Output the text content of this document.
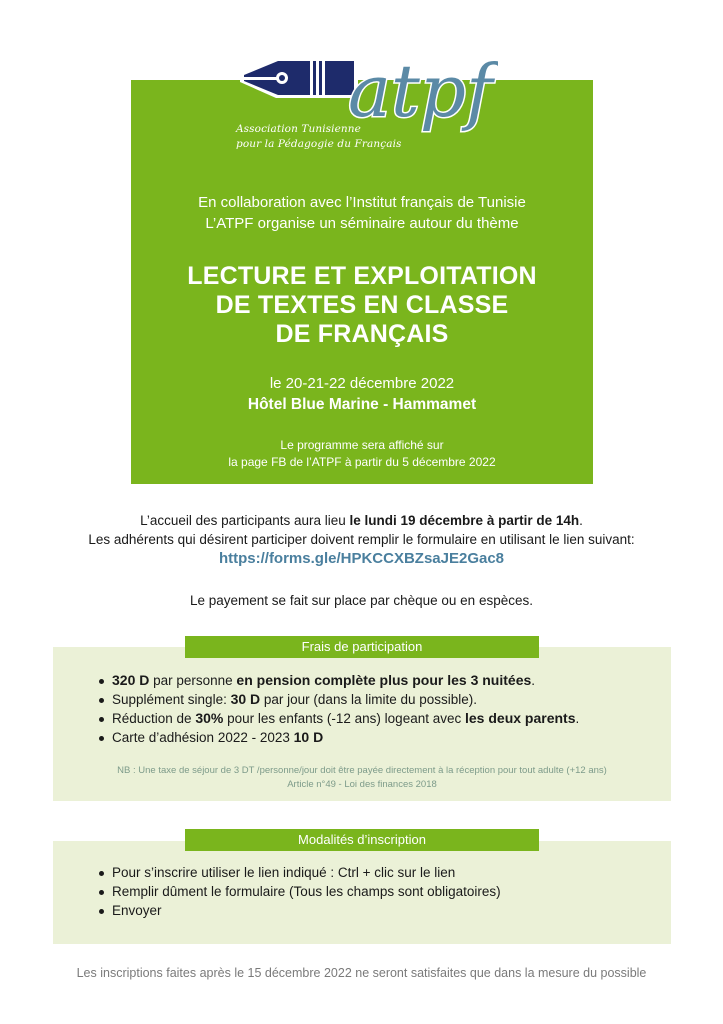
atpf
Association Tunisienne
pour la Pédagogie du Français
En collaboration avec l’Institut français de Tunisie
L’ATPF organise un séminaire autour du thème
LECTURE ET EXPLOITATION
DE TEXTES EN CLASSE
DE FRANÇAIS
le 20-21-22 décembre 2022
Hôtel Blue Marine - Hammamet
Le programme sera affiché sur
la page FB de l’ATPF à partir du 5 décembre 2022
L’accueil des participants aura lieu le lundi 19 décembre à partir de 14h.
Les adhérents qui désirent participer doivent remplir le formulaire en utilisant le lien suivant:
https://forms.gle/HPKCCXBZsaJE2Gac8
Le payement se fait sur place par chèque ou en espèces.
320 D par personne en pension complète plus pour les 3 nuitées.
Supplément single: 30 D par jour (dans la limite du possible).
Réduction de 30% pour les enfants (-12 ans) logeant avec les deux parents.
Carte d’adhésion 2022 - 2023 10 D
NB : Une taxe de séjour de 3 DT /personne/jour doit être payée directement à la réception pour tout adulte (+12 ans)
Article n°49 - Loi des finances 2018
Frais de participation
Pour s’inscrire utiliser le lien indiqué : Ctrl + clic sur le lien
Remplir dûment le formulaire (Tous les champs sont obligatoires)
Envoyer
Modalités d’inscription
Les inscriptions faites après le 15 décembre 2022 ne seront satisfaites que dans la mesure du possible
